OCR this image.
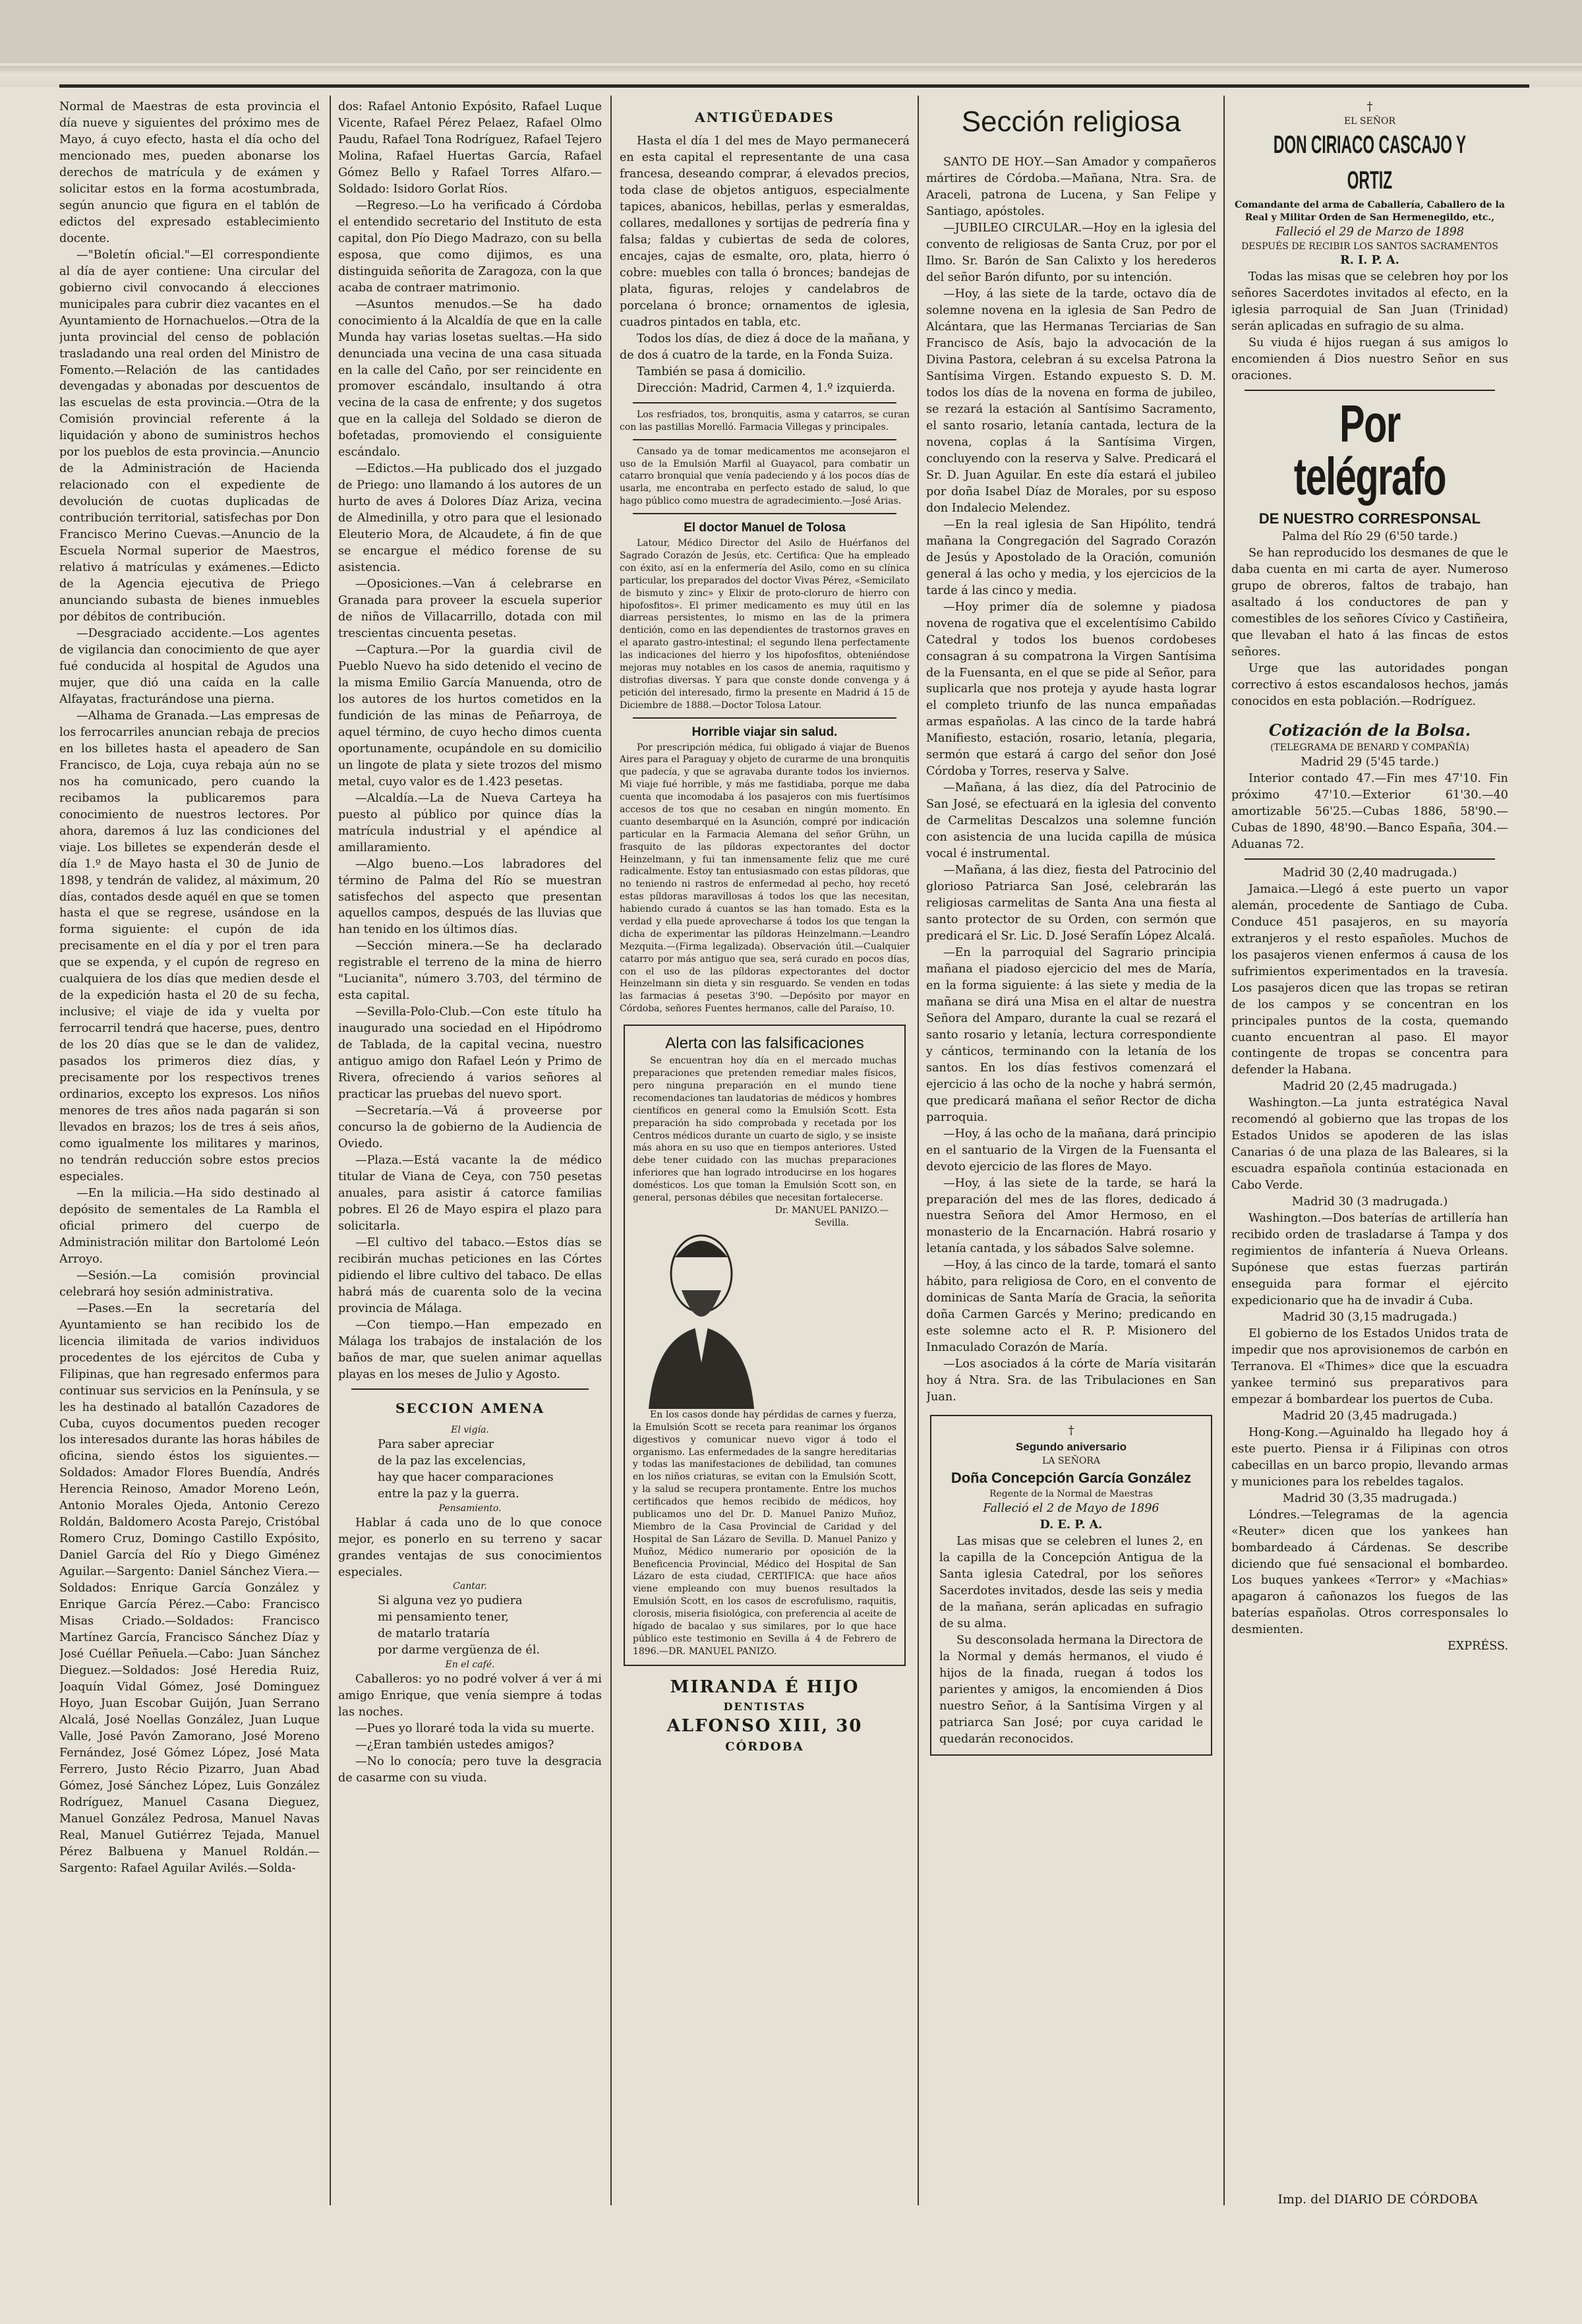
Normal de Maestras de esta provincia el día nueve y siguientes del próximo mes de Mayo, á cuyo efecto, hasta el día ocho del mencionado mes, pueden abonarse los derechos de matrícula y de exámen y solicitar estos en la forma acostumbrada, según anuncio que figura en el tablón de edictos del expresado establecimiento docente.

—"Boletín oficial."—El correspondiente al día de ayer contiene: Una circular del gobierno civil convocando á elecciones municipales para cubrir diez vacantes en el Ayuntamiento de Hornachuelos.—Otra de la junta provincial del censo de población trasladando una real orden del Ministro de Fomento.—Relación de las cantidades devengadas y abonadas por descuentos de las escuelas de esta provincia.—Otra de la Comisión provincial referente á la liquidación y abono de suministros hechos por los pueblos de esta provincia.—Anuncio de la Administración de Hacienda relacionado con el expediente de devolución de cuotas duplicadas de contribución territorial, satisfechas por Don Francisco Merino Cuevas.—Anuncio de la Escuela Normal superior de Maestros, relativo á matrículas y exámenes.—Edicto de la Agencia ejecutiva de Priego anunciando subasta de bienes inmuebles por débitos de contribución.

—Desgraciado accidente.—Los agentes de vigilancia dan conocimiento de que ayer fué conducida al hospital de Agudos una mujer, que dió una caída en la calle Alfayatas, fracturándose una pierna.

—Alhama de Granada.—Las empresas de los ferrocarriles anuncian rebaja de precios en los billetes hasta el apeadero de San Francisco, de Loja, cuya rebaja aún no se nos ha comunicado, pero cuando la recibamos la publicaremos para conocimiento de nuestros lectores. Por ahora, daremos á luz las condiciones del viaje. Los billetes se expenderán desde el día 1.º de Mayo hasta el 30 de Junio de 1898, y tendrán de validez, al máximum, 20 días, contados desde aquél en que se tomen hasta el que se regrese, usándose en la forma siguiente: el cupón de ida precisamente en el día y por el tren para que se expenda, y el cupón de regreso en cualquiera de los días que medien desde el de la expedición hasta el 20 de su fecha, inclusive; el viaje de ida y vuelta por ferrocarril tendrá que hacerse, pues, dentro de los 20 días que se le dan de validez, pasados los primeros diez días, y precisamente por los respectivos trenes ordinarios, excepto los expresos. Los niños menores de tres años nada pagarán si son llevados en brazos; los de tres á seis años, como igualmente los militares y marinos, no tendrán reducción sobre estos precios especiales.

—En la milicia.—Ha sido destinado al depósito de sementales de La Rambla el oficial primero del cuerpo de Administración militar don Bartolomé León Arroyo.

—Sesión.—La comisión provincial celebrará hoy sesión administrativa.

—Pases.—En la secretaría del Ayuntamiento se han recibido los de licencia ilimitada de varios individuos procedentes de los ejércitos de Cuba y Filipinas, que han regresado enfermos para continuar sus servicios en la Península, y se les ha destinado al batallón Cazadores de Cuba, cuyos documentos pueden recoger los interesados durante las horas hábiles de oficina, siendo éstos los siguientes.—Soldados: Amador Flores Buendía, Andrés Herencia Reinoso, Amador Moreno León, Antonio Morales Ojeda, Antonio Cerezo Roldán, Baldomero Acosta Parejo, Cristóbal Romero Cruz, Domingo Castillo Expósito, Daniel García del Río y Diego Giménez Aguilar.—Sargento: Daniel Sánchez Viera.—Soldados: Enrique García González y Enrique García Pérez.—Cabo: Francisco Misas Criado.—Soldados: Francisco Martínez García, Francisco Sánchez Díaz y José Cuéllar Peñuela.—Cabo: Juan Sánchez Dieguez.—Soldados: José Heredia Ruiz, Joaquín Vidal Gómez, José Dominguez Hoyo, Juan Escobar Guijón, Juan Serrano Alcalá, José Noellas González, Juan Luque Valle, José Pavón Zamorano, José Moreno Fernández, José Gómez López, José Mata Ferrero, Justo Récio Pizarro, Juan Abad Gómez, José Sánchez López, Luis González Rodríguez, Manuel Casana Dieguez, Manuel González Pedrosa, Manuel Navas Real, Manuel Gutiérrez Tejada, Manuel Pérez Balbuena y Manuel Roldán.—Sargento: Rafael Aguilar Avilés.—Solda-

dos: Rafael Antonio Expósito, Rafael Luque Vicente, Rafael Pérez Pelaez, Rafael Olmo Paudu, Rafael Tona Rodríguez, Rafael Tejero Molina, Rafael Huertas García, Rafael Gómez Bello y Rafael Torres Alfaro.—Soldado: Isidoro Gorlat Ríos.

—Regreso.—Lo ha verificado á Córdoba el entendido secretario del Instituto de esta capital, don Pío Diego Madrazo, con su bella esposa, que como dijimos, es una distinguida señorita de Zaragoza, con la que acaba de contraer matrimonio.

—Asuntos menudos.—Se ha dado conocimiento á la Alcaldía de que en la calle Munda hay varias losetas sueltas.—Ha sido denunciada una vecina de una casa situada en la calle del Caño, por ser reincidente en promover escándalo, insultando á otra vecina de la casa de enfrente; y dos sugetos que en la calleja del Soldado se dieron de bofetadas, promoviendo el consiguiente escándalo.

—Edictos.—Ha publicado dos el juzgado de Priego: uno llamando á los autores de un hurto de aves á Dolores Díaz Ariza, vecina de Almedinilla, y otro para que el lesionado Eleuterio Mora, de Alcaudete, á fin de que se encargue el médico forense de su asistencia.

—Oposiciones.—Van á celebrarse en Granada para proveer la escuela superior de niños de Villacarrillo, dotada con mil trescientas cincuenta pesetas.

—Captura.—Por la guardia civil de Pueblo Nuevo ha sido detenido el vecino de la misma Emilio García Manuenda, otro de los autores de los hurtos cometidos en la fundición de las minas de Peñarroya, de aquel término, de cuyo hecho dimos cuenta oportunamente, ocupándole en su domicilio un lingote de plata y siete trozos del mismo metal, cuyo valor es de 1.423 pesetas.

—Alcaldía.—La de Nueva Carteya ha puesto al público por quince días la matrícula industrial y el apéndice al amillaramiento.

—Algo bueno.—Los labradores del término de Palma del Río se muestran satisfechos del aspecto que presentan aquellos campos, después de las lluvias que han tenido en los últimos días.

—Sección minera.—Se ha declarado registrable el terreno de la mina de hierro "Lucianita", número 3.703, del término de esta capital.

—Sevilla-Polo-Club.—Con este título ha inaugurado una sociedad en el Hipódromo de Tablada, de la capital vecina, nuestro antiguo amigo don Rafael León y Primo de Rivera, ofreciendo á varios señores al practicar las pruebas del nuevo sport.

—Secretaría.—Vá á proveerse por concurso la de gobierno de la Audiencia de Oviedo.

—Plaza.—Está vacante la de médico titular de Viana de Ceya, con 750 pesetas anuales, para asistir á catorce familias pobres. El 26 de Mayo espira el plazo para solicitarla.

—El cultivo del tabaco.—Estos días se recibirán muchas peticiones en las Córtes pidiendo el libre cultivo del tabaco. De ellas habrá más de cuarenta solo de la vecina provincia de Málaga.

—Con tiempo.—Han empezado en Málaga los trabajos de instalación de los baños de mar, que suelen animar aquellas playas en los meses de Julio y Agosto.

SECCION AMENA

El vigía.

Para saber apreciar
de la paz las excelencias,
hay que hacer comparaciones
entre la paz y la guerra.

Pensamiento.

Hablar á cada uno de lo que conoce mejor, es ponerlo en su terreno y sacar grandes ventajas de sus conocimientos especiales.

Cantar.

Si alguna vez yo pudiera
mi pensamiento tener,
de matarlo trataría
por darme vergüenza de él.

En el café.

Caballeros: yo no podré volver á ver á mi amigo Enrique, que venía siempre á todas las noches.

—Pues yo lloraré toda la vida su muerte.

—¿Eran también ustedes amigos?

—No lo conocía; pero tuve la desgracia de casarme con su viuda.

ANTIGÜEDADES

Hasta el día 1 del mes de Mayo permanecerá en esta capital el representante de una casa francesa, deseando comprar, á elevados precios, toda clase de objetos antiguos, especialmente tapices, abanicos, hebillas, perlas y esmeraldas, collares, medallones y sortijas de pedrería fina y falsa; faldas y cubiertas de seda de colores, encajes, cajas de esmalte, oro, plata, hierro ó cobre: muebles con talla ó bronces; bandejas de plata, figuras, relojes y candelabros de porcelana ó bronce; ornamentos de iglesia, cuadros pintados en tabla, etc.

Todos los días, de diez á doce de la mañana, y de dos á cuatro de la tarde, en la Fonda Suiza.

También se pasa á domicilio.

Dirección: Madrid, Carmen 4, 1.º izquierda.

Los resfriados, tos, bronquitis, asma y catarros, se curan con las pastillas Morelló. Farmacia Villegas y principales.

Cansado ya de tomar medicamentos me aconsejaron el uso de la Emulsión Marfil al Guayacol, para combatir un catarro bronquial que venía padeciendo y á los pocos días de usarla, me encontraba en perfecto estado de salud, lo que hago público como muestra de agradecimiento.—José Arias.

El doctor Manuel de Tolosa

Latour, Médico Director del Asilo de Huérfanos del Sagrado Corazón de Jesús, etc. Certifica: Que ha empleado con éxito, así en la enfermería del Asilo, como en su clínica particular, los preparados del doctor Vivas Pérez, «Semicilato de bismuto y zinc» y Elixir de proto-cloruro de hierro con hipofosfitos». El primer medicamento es muy útil en las diarreas persistentes, lo mismo en las de la primera dentición, como en las dependientes de trastornos graves en el aparato gastro-intestinal; el segundo llena perfectamente las indicaciones del hierro y los hipofosfitos, obteniéndose mejoras muy notables en los casos de anemia, raquitismo y distrofias diversas. Y para que conste donde convenga y á petición del interesado, firmo la presente en Madrid á 15 de Diciembre de 1888.—Doctor Tolosa Latour.

Horrible viajar sin salud.

Por prescripción médica, fui obligado á viajar de Buenos Aires para el Paraguay y objeto de curarme de una bronquitis que padecía, y que se agravaba durante todos los inviernos. Mi viaje fué horrible, y más me fastidiaba, porque me daba cuenta que incomodaba á los pasajeros con mis fuertísimos accesos de tos que no cesaban en ningún momento. En cuanto desembarqué en la Asunción, compré por indicación particular en la Farmacia Alemana del señor Grühn, un frasquito de las píldoras expectorantes del doctor Heinzelmann, y fui tan inmensamente feliz que me curé radicalmente. Estoy tan entusiasmado con estas píldoras, que no teniendo ni rastros de enfermedad al pecho, hoy recetó estas píldoras maravillosas á todos los que las necesitan, habiendo curado á cuantos se las han tomado. Esta es la verdad y ella puede aprovecharse á todos los que tengan la dicha de experimentar las píldoras Heinzelmann.—Leandro Mezquita.—(Firma legalizada). Observación útil.—Cualquier catarro por más antiguo que sea, será curado en pocos días, con el uso de las píldoras expectorantes del doctor Heinzelmann sin dieta y sin resguardo. Se venden en todas las farmacias á pesetas 3'90. —Depósito por mayor en Córdoba, señores Fuentes hermanos, calle del Paraíso, 10.

Alerta con las falsificaciones

Se encuentran hoy día en el mercado muchas preparaciones que pretenden remediar males físicos, pero ninguna preparación en el mundo tiene recomendaciones tan laudatorias de médicos y hombres científicos en general como la Emulsión Scott. Esta preparación ha sido comprobada y recetada por los Centros médicos durante un cuarto de siglo, y se insiste más ahora en su uso que en tiempos anteriores. Usted debe tener cuidado con las muchas preparaciones inferiores que han logrado introducirse en los hogares domésticos. Los que toman la Emulsión Scott son, en general, personas débiles que necesitan fortalecerse.

Dr. MANUEL PANIZO.—Sevilla.

En los casos donde hay pérdidas de carnes y fuerza, la Emulsión Scott se receta para reanimar los órganos digestivos y comunicar nuevo vigor á todo el organismo. Las enfermedades de la sangre hereditarias y todas las manifestaciones de debilidad, tan comunes en los niños criaturas, se evitan con la Emulsión Scott, y la salud se recupera prontamente. Entre los muchos certificados que hemos recibido de médicos, hoy publicamos uno del Dr. D. Manuel Panizo Muñoz, Miembro de la Casa Provincial de Caridad y del Hospital de San Lázaro de Sevilla. D. Manuel Panizo y Muñoz, Médico numerario por oposición de la Beneficencia Provincial, Médico del Hospital de San Lázaro de esta ciudad, CERTIFICA: que hace años viene empleando con muy buenos resultados la Emulsión Scott, en los casos de escrofulismo, raquitis, clorosis, miseria fisiológica, con preferencia al aceite de hígado de bacalao y sus similares, por lo que hace público este testimonio en Sevilla á 4 de Febrero de 1896.—DR. MANUEL PANIZO.

MIRANDA É HIJO
DENTISTAS
ALFONSO XIII, 30
CÓRDOBA
Sección religiosa

SANTO DE HOY.—San Amador y compañeros mártires de Córdoba.—Mañana, Ntra. Sra. de Araceli, patrona de Lucena, y San Felipe y Santiago, apóstoles.

—JUBILEO CIRCULAR.—Hoy en la iglesia del convento de religiosas de Santa Cruz, por por el Ilmo. Sr. Barón de San Calixto y los herederos del señor Barón difunto, por su intención.

—Hoy, á las siete de la tarde, octavo día de solemne novena en la iglesia de San Pedro de Alcántara, que las Hermanas Terciarias de San Francisco de Asís, bajo la advocación de la Divina Pastora, celebran á su excelsa Patrona la Santísima Virgen. Estando expuesto S. D. M. todos los días de la novena en forma de jubileo, se rezará la estación al Santísimo Sacramento, el santo rosario, letanía cantada, lectura de la novena, coplas á la Santísima Virgen, concluyendo con la reserva y Salve. Predicará el Sr. D. Juan Aguilar. En este día estará el jubileo por doña Isabel Díaz de Morales, por su esposo don Indalecio Melendez.

—En la real iglesia de San Hipólito, tendrá mañana la Congregación del Sagrado Corazón de Jesús y Apostolado de la Oración, comunión general á las ocho y media, y los ejercicios de la tarde á las cinco y media.

—Hoy primer día de solemne y piadosa novena de rogativa que el excelentísimo Cabildo Catedral y todos los buenos cordobeses consagran á su compatrona la Virgen Santísima de la Fuensanta, en el que se pide al Señor, para suplicarla que nos proteja y ayude hasta lograr el completo triunfo de las nunca empañadas armas españolas. A las cinco de la tarde habrá Manifiesto, estación, rosario, letanía, plegaria, sermón que estará á cargo del señor don José Córdoba y Torres, reserva y Salve.

—Mañana, á las diez, día del Patrocinio de San José, se efectuará en la iglesia del convento de Carmelitas Descalzos una solemne función con asistencia de una lucida capilla de música vocal é instrumental.

—Mañana, á las diez, fiesta del Patrocinio del glorioso Patriarca San José, celebrarán las religiosas carmelitas de Santa Ana una fiesta al santo protector de su Orden, con sermón que predicará el Sr. Lic. D. José Serafín López Alcalá.

—En la parroquial del Sagrario principia mañana el piadoso ejercicio del mes de María, en la forma siguiente: á las siete y media de la mañana se dirá una Misa en el altar de nuestra Señora del Amparo, durante la cual se rezará el santo rosario y letanía, lectura correspondiente y cánticos, terminando con la letanía de los santos. En los días festivos comenzará el ejercicio á las ocho de la noche y habrá sermón, que predicará mañana el señor Rector de dicha parroquia.

—Hoy, á las ocho de la mañana, dará principio en el santuario de la Virgen de la Fuensanta el devoto ejercicio de las flores de Mayo.

—Hoy, á las siete de la tarde, se hará la preparación del mes de las flores, dedicado á nuestra Señora del Amor Hermoso, en el monasterio de la Encarnación. Habrá rosario y letanía cantada, y los sábados Salve solemne.

—Hoy, á las cinco de la tarde, tomará el santo hábito, para religiosa de Coro, en el convento de dominicas de Santa María de Gracia, la señorita doña Carmen Garcés y Merino; predicando en este solemne acto el R. P. Misionero del Inmaculado Corazón de María.

—Los asociados á la córte de María visitarán hoy á Ntra. Sra. de las Tribulaciones en San Juan.

†
Segundo aniversario
LA SEÑORA
Doña Concepción García González
Regente de la Normal de Maestras
Falleció el 2 de Mayo de 1896
D. E. P. A.

Las misas que se celebren el lunes 2, en la capilla de la Concepción Antigua de la Santa iglesia Catedral, por los señores Sacerdotes invitados, desde las seis y media de la mañana, serán aplicadas en sufragio de su alma.

Su desconsolada hermana la Directora de la Normal y demás hermanos, el viudo é hijos de la finada, ruegan á todos los parientes y amigos, la encomienden á Dios nuestro Señor, á la Santísima Virgen y al patriarca San José; por cuya caridad le quedarán reconocidos.

†
EL SEÑOR
DON CIRIACO CASCAJO Y ORTIZ
Comandante del arma de Caballería, Caballero de la Real y Militar Orden de San Hermenegildo, etc.,
Falleció el 29 de Marzo de 1898
DESPUÉS DE RECIBIR LOS SANTOS SACRAMENTOS
R. I. P. A.

Todas las misas que se celebren hoy por los señores Sacerdotes invitados al efecto, en la iglesia parroquial de San Juan (Trinidad) serán aplicadas en sufragio de su alma.

Su viuda é hijos ruegan á sus amigos lo encomienden á Dios nuestro Señor en sus oraciones.

Por telégrafo
DE NUESTRO CORRESPONSAL

Palma del Río 29 (6'50 tarde.)

Se han reproducido los desmanes de que le daba cuenta en mi carta de ayer. Numeroso grupo de obreros, faltos de trabajo, han asaltado á los conductores de pan y comestibles de los señores Cívico y Castiñeira, que llevaban el hato á las fincas de estos señores.

Urge que las autoridades pongan correctivo á estos escandalosos hechos, jamás conocidos en esta población.—Rodríguez.

Cotización de la Bolsa.
(TELEGRAMA DE BENARD Y COMPAÑÍA)

Madrid 29 (5'45 tarde.)

Interior contado 47.—Fin mes 47'10. Fin próximo 47'10.—Exterior 61'30.—40 amortizable 56'25.—Cubas 1886, 58'90.—Cubas de 1890, 48'90.—Banco España, 304.—Aduanas 72.

Madrid 30 (2,40 madrugada.)

Jamaica.—Llegó á este puerto un vapor alemán, procedente de Santiago de Cuba. Conduce 451 pasajeros, en su mayoría extranjeros y el resto españoles. Muchos de los pasajeros vienen enfermos á causa de los sufrimientos experimentados en la travesía. Los pasajeros dicen que las tropas se retiran de los campos y se concentran en los principales puntos de la costa, quemando cuanto encuentran al paso. El mayor contingente de tropas se concentra para defender la Habana.

Madrid 20 (2,45 madrugada.)

Washington.—La junta estratégica Naval recomendó al gobierno que las tropas de los Estados Unidos se apoderen de las islas Canarias ó de una plaza de las Baleares, si la escuadra española continúa estacionada en Cabo Verde.

Madrid 30 (3 madrugada.)

Washington.—Dos baterías de artillería han recibido orden de trasladarse á Tampa y dos regimientos de infantería á Nueva Orleans. Supónese que estas fuerzas partirán enseguida para formar el ejército expedicionario que ha de invadir á Cuba.

Madrid 30 (3,15 madrugada.)

El gobierno de los Estados Unidos trata de impedir que nos aprovisionemos de carbón en Terranova. El «Thimes» dice que la escuadra yankee terminó sus preparativos para empezar á bombardear los puertos de Cuba.

Madrid 20 (3,45 madrugada.)

Hong-Kong.—Aguinaldo ha llegado hoy á este puerto. Piensa ir á Filipinas con otros cabecillas en un barco propio, llevando armas y municiones para los rebeldes tagalos.

Madrid 30 (3,35 madrugada.)

Lóndres.—Telegramas de la agencia «Reuter» dicen que los yankees han bombardeado á Cárdenas. Se describe diciendo que fué sensacional el bombardeo. Los buques yankees «Terror» y «Machias» apagaron á cañonazos los fuegos de las baterías españolas. Otros corresponsales lo desmienten.

EXPRÉSS.

Imp. del DIARIO DE CÓRDOBA
